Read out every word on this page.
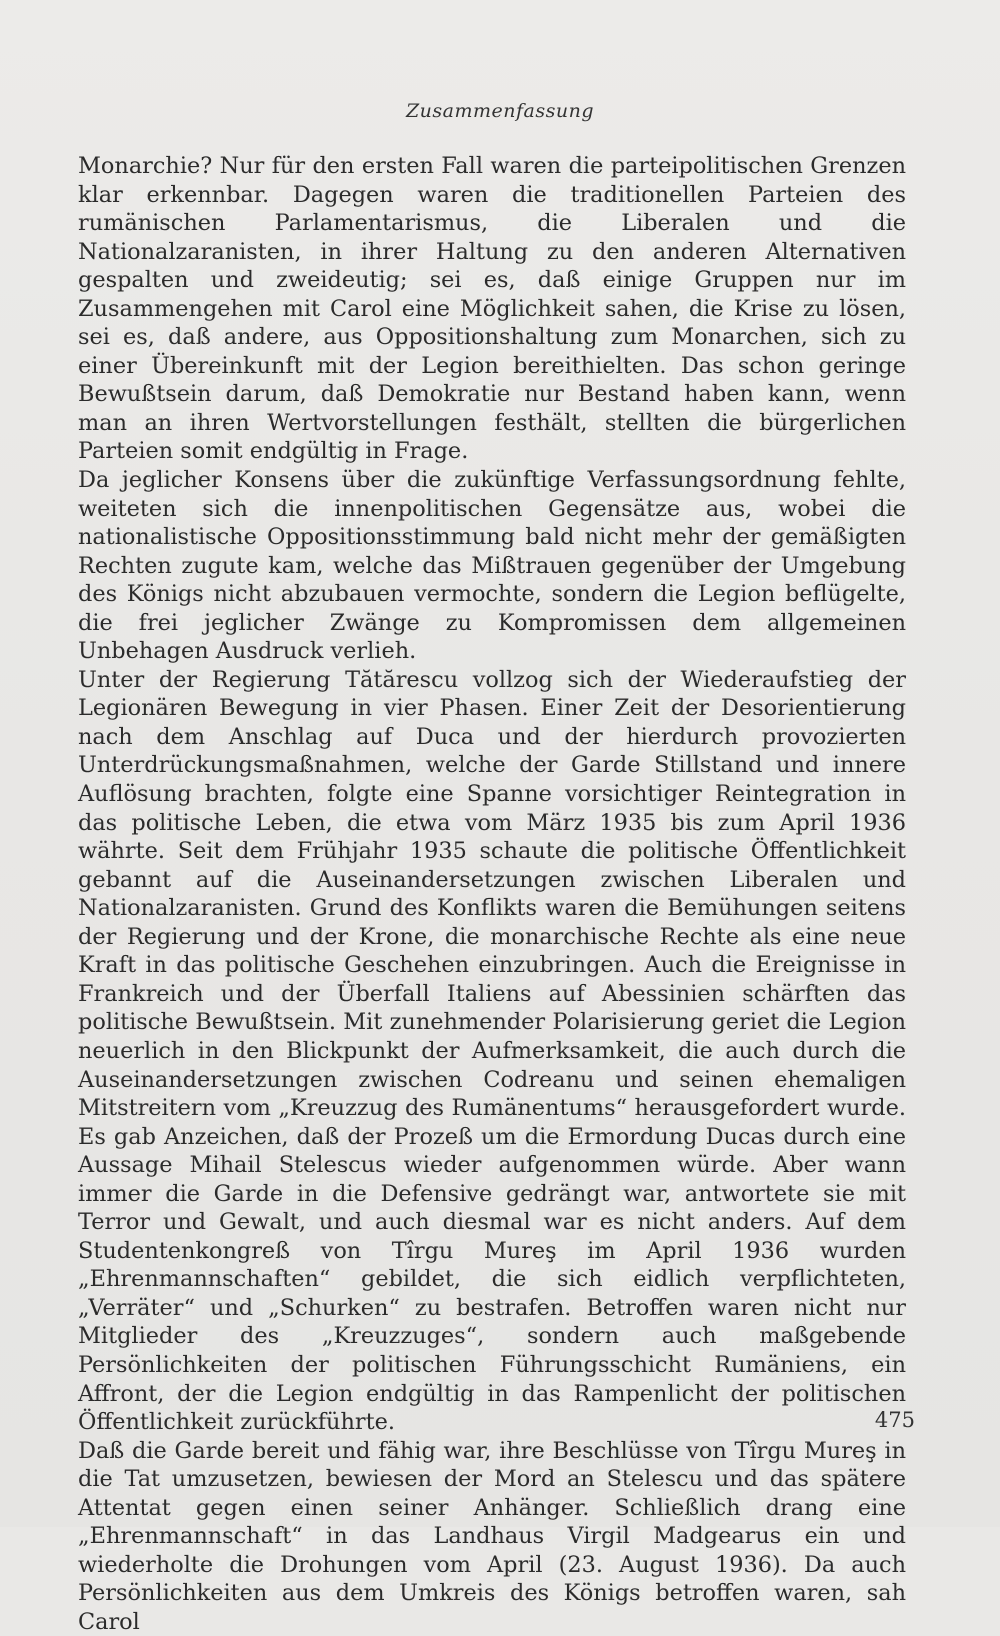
Zusammenfassung

Monarchie? Nur für den ersten Fall waren die parteipolitischen Grenzen klar erkennbar. Dagegen waren die traditionellen Parteien des rumänischen Parlamentarismus, die Liberalen und die Nationalzaranisten, in ihrer Haltung zu den anderen Alternativen gespalten und zweideutig; sei es, daß einige Gruppen nur im Zusammengehen mit Carol eine Möglichkeit sahen, die Krise zu lösen, sei es, daß andere, aus Oppositionshaltung zum Monarchen, sich zu einer Übereinkunft mit der Legion bereithielten. Das schon geringe Bewußtsein darum, daß Demokratie nur Bestand haben kann, wenn man an ihren Wertvorstellungen festhält, stellten die bürgerlichen Parteien somit endgültig in Frage.

Da jeglicher Konsens über die zukünftige Verfassungsordnung fehlte, weiteten sich die innenpolitischen Gegensätze aus, wobei die nationalistische Oppositionsstimmung bald nicht mehr der gemäßigten Rechten zugute kam, welche das Mißtrauen gegenüber der Umgebung des Königs nicht abzubauen vermochte, sondern die Legion beflügelte, die frei jeglicher Zwänge zu Kompromissen dem allgemeinen Unbehagen Ausdruck verlieh.

Unter der Regierung Tătărescu vollzog sich der Wiederaufstieg der Legionären Bewegung in vier Phasen. Einer Zeit der Desorientierung nach dem Anschlag auf Duca und der hierdurch provozierten Unterdrückungsmaßnahmen, welche der Garde Stillstand und innere Auflösung brachten, folgte eine Spanne vorsichtiger Reintegration in das politische Leben, die etwa vom März 1935 bis zum April 1936 währte. Seit dem Frühjahr 1935 schaute die politische Öffentlichkeit gebannt auf die Auseinandersetzungen zwischen Liberalen und Nationalzaranisten. Grund des Konflikts waren die Bemühungen seitens der Regierung und der Krone, die monarchische Rechte als eine neue Kraft in das politische Geschehen einzubringen. Auch die Ereignisse in Frankreich und der Überfall Italiens auf Abessinien schärften das politische Bewußtsein. Mit zunehmender Polarisierung geriet die Legion neuerlich in den Blickpunkt der Aufmerksamkeit, die auch durch die Auseinandersetzungen zwischen Codreanu und seinen ehemaligen Mitstreitern vom „Kreuzzug des Rumänentums“ herausgefordert wurde. Es gab Anzeichen, daß der Prozeß um die Ermordung Ducas durch eine Aussage Mihail Stelescus wieder aufgenommen würde. Aber wann immer die Garde in die Defensive gedrängt war, antwortete sie mit Terror und Gewalt, und auch diesmal war es nicht anders. Auf dem Studentenkongreß von Tîrgu Mureş im April 1936 wurden „Ehrenmannschaften“ gebildet, die sich eidlich verpflichteten, „Verräter“ und „Schurken“ zu bestrafen. Betroffen waren nicht nur Mitglieder des „Kreuzzuges“, sondern auch maßgebende Persönlichkeiten der politischen Führungsschicht Rumäniens, ein Affront, der die Legion endgültig in das Rampenlicht der politischen Öffentlichkeit zurückführte.

Daß die Garde bereit und fähig war, ihre Beschlüsse von Tîrgu Mureş in die Tat umzusetzen, bewiesen der Mord an Stelescu und das spätere Attentat gegen einen seiner Anhänger. Schließlich drang eine „Ehrenmannschaft“ in das Landhaus Virgil Madgearus ein und wiederholte die Drohungen vom April (23. August 1936). Da auch Persönlichkeiten aus dem Umkreis des Königs betroffen waren, sah Carol

475
